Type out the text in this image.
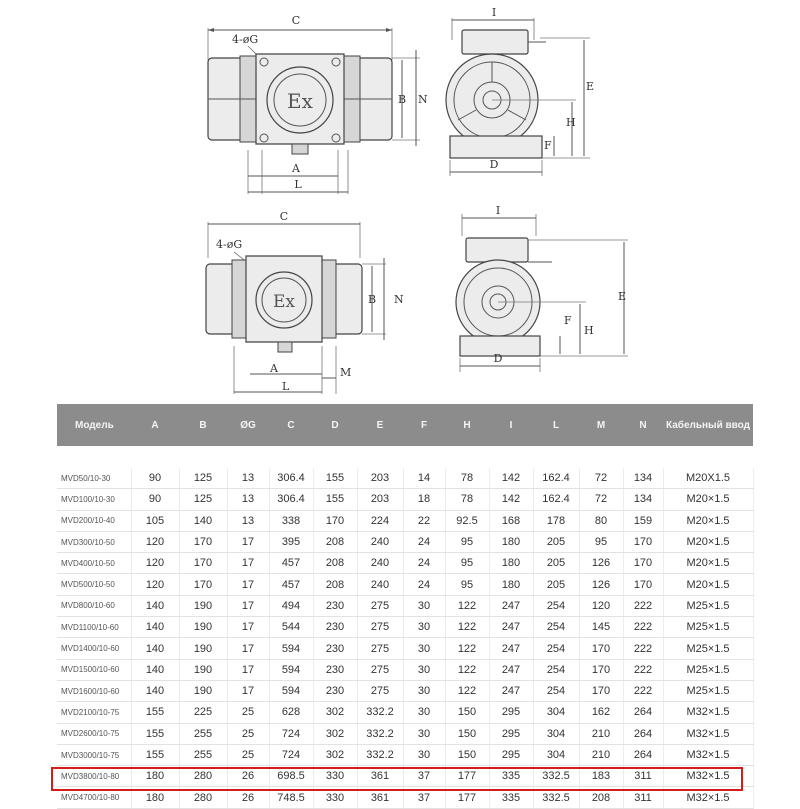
C
4-øG
Ex	B N
A
L
I
E
H
F
D
C
4-øG
Ex	B N
A
L
M
I
E
H
F
D
Модель	A	B	ØG	C	D	E	F	H	I	L	M	N	Кабельный ввод

MVD50/10-30	90	125	13	306.4	155	203	14	78	142	162.4	72	134	M20X1.5
MVD100/10-30	90	125	13	306.4	155	203	18	78	142	162.4	72	134	M20×1.5
MVD200/10-40	105	140	13	338	170	224	22	92.5	168	178	80	159	M20×1.5
MVD300/10-50	120	170	17	395	208	240	24	95	180	205	95	170	M20×1.5
MVD400/10-50	120	170	17	457	208	240	24	95	180	205	126	170	M20×1.5
MVD500/10-50	120	170	17	457	208	240	24	95	180	205	126	170	M20×1.5
MVD800/10-60	140	190	17	494	230	275	30	122	247	254	120	222	M25×1.5
MVD1100/10-60	140	190	17	544	230	275	30	122	247	254	145	222	M25×1.5
MVD1400/10-60	140	190	17	594	230	275	30	122	247	254	170	222	M25×1.5
MVD1500/10-60	140	190	17	594	230	275	30	122	247	254	170	222	M25×1.5
MVD1600/10-60	140	190	17	594	230	275	30	122	247	254	170	222	M25×1.5
MVD2100/10-75	155	225	25	628	302	332.2	30	150	295	304	162	264	M32×1.5
MVD2600/10-75	155	255	25	724	302	332.2	30	150	295	304	210	264	M32×1.5
MVD3000/10-75	155	255	25	724	302	332.2	30	150	295	304	210	264	M32×1.5
MVD3800/10-80	180	280	26	698.5	330	361	37	177	335	332.5	183	311	M32×1.5
MVD4700/10-80	180	280	26	748.5	330	361	37	177	335	332.5	208	311	M32×1.5
